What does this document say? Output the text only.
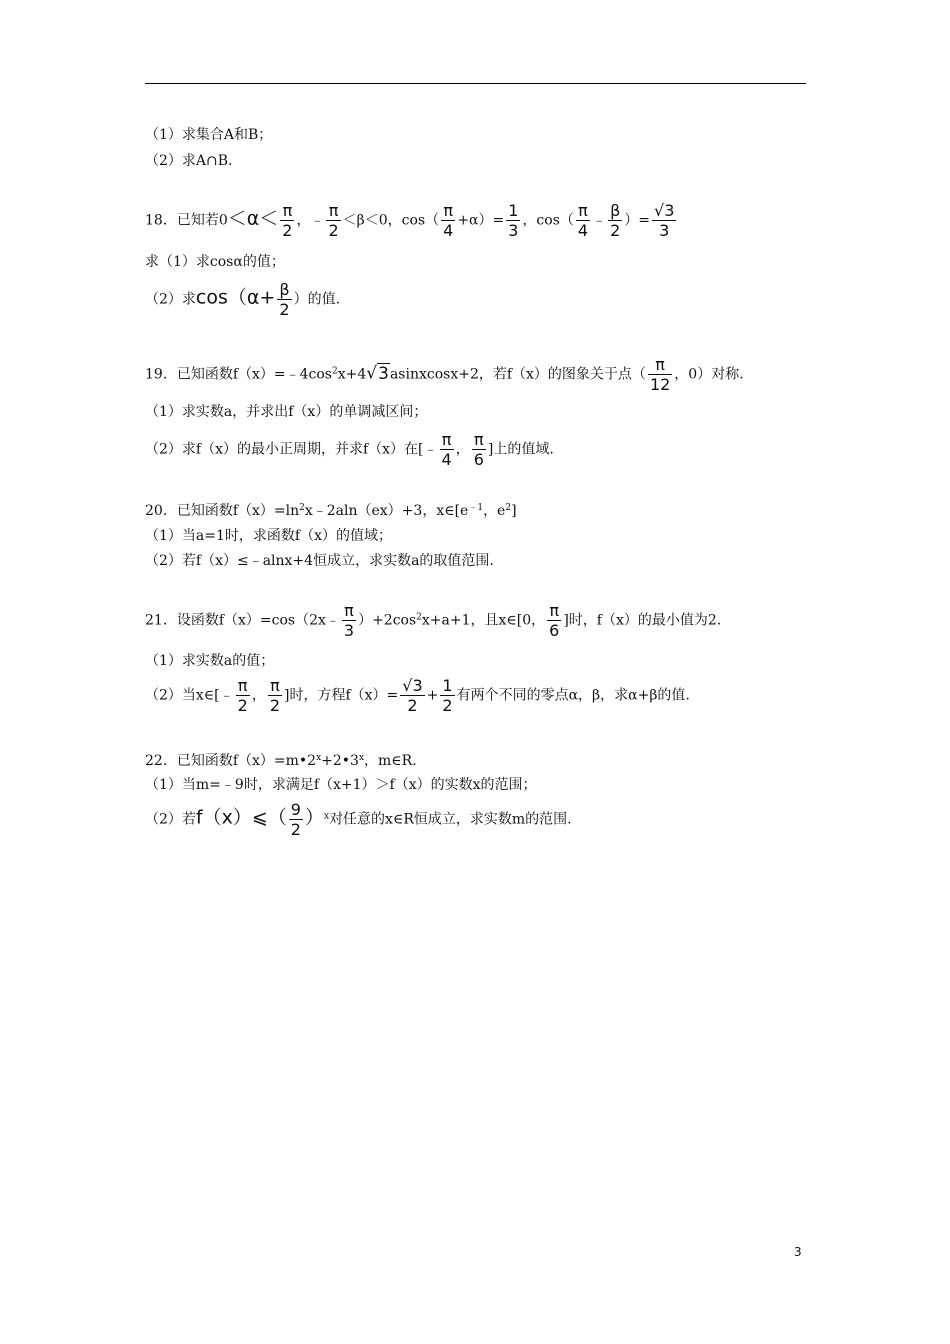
（1）求集合A和B；
（2）求A∩B.
18．已知若$0<\alpha< \frac{\pi}{2}$ ，﹣ $\frac{\pi}{2} <\beta<0$，$\cos( \frac{\pi}{4} +\alpha)= \frac{1}{3}$ ，$\cos( \frac{\pi}{4}$ ﹣ $\frac{\beta}{2}$ ）= $\frac{√3}{3}$
求（1）求cosα的值；
（2）求$\cos(\alpha+ \frac{\beta}{2}$ ）的值.
19．已知函数$f(x)=﹣4\cos^2x+4√3asinxcosx+2$，若f（x）的图象关于点（ $\frac{\pi}{12}$ ，0）对称.
（1）求实数a，并求出f（x）的单调减区间；
（2）求f（x）的最小正周期，并求f（x）在[﹣ $\frac{\pi}{4}$ ， $\frac{\pi}{6}$ ]上的值域.
20．已知函数$f(x)=\ln^2x﹣2aln(ex)+3$，$x\in[e^{﹣1}$，$e^2$]
（1）当a=1时，求函数f（x）的值域；
（2）若f（x）≤﹣alnx+4恒成立，求实数a的取值范围.
21．设函数f（x）=cos（2x﹣ $\frac{\pi}{3} )+2\cos^2x+a+1$，且x∈[0， $\frac{\pi}{6}$ ]时，f（x）的最小值为2.
（1）求实数a的值；
（2）当x∈[﹣ $\frac{\pi}{2}$ ， $\frac{\pi}{2}$ ]时，方程$f(x)= \frac{√3}{2} + \frac{1}{2}$ 有两个不同的零点α，β，求α+β的值.
22．已知函数$f(x)=m•2^x+2•3^x$，m∈R.
（1）当m=﹣9时，求满足f（x+1）＞f（x）的实数x的范围；
（2）若f（x）⩽（ $\frac{9}{2} )^x$对任意的x∈R恒成立，求实数m的范围.
3
